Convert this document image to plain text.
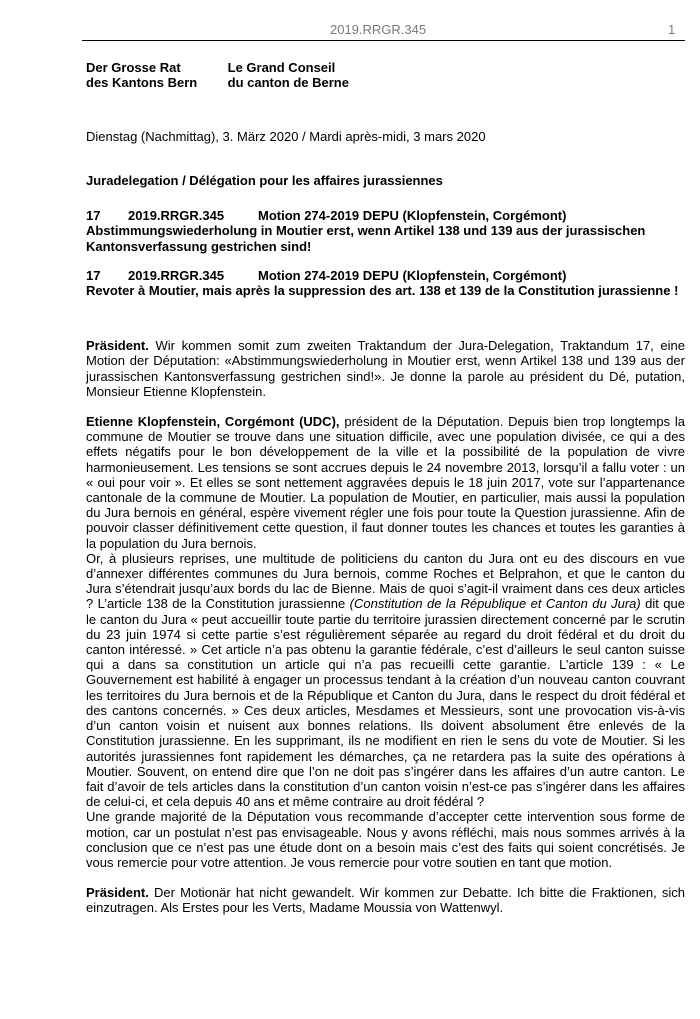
2019.RRGR.345	1
Der Grosse Rat
des Kantons Bern

Le Grand Conseil
du canton de Berne
Dienstag (Nachmittag), 3. März 2020 / Mardi après-midi, 3 mars 2020
Juradelegation / Délégation pour les affaires jurassiennes
17 2019.RRGR.345	Motion 274-2019 DEPU (Klopfenstein, Corgémont)
Abstimmungswiederholung in Moutier erst, wenn Artikel 138 und 139 aus der jurassischen Kantonsverfassung gestrichen sind!
17 2019.RRGR.345	Motion 274-2019 DEPU (Klopfenstein, Corgémont)
Revoter à Moutier, mais après la suppression des art. 138 et 139 de la Constitution jurassienne !

Präsident. Wir kommen somit zum zweiten Traktandum der Jura-Delegation, Traktandum 17, eine Motion der Députation: «Abstimmungswiederholung in Moutier erst, wenn Artikel 138 und 139 aus der jurassischen Kantonsverfassung gestrichen sind!». Je donne la parole au président du Dé, putation, Monsieur Etienne Klopfenstein.

Etienne Klopfenstein, Corgémont (UDC), président de la Députation. Depuis bien trop longtemps la commune de Moutier se trouve dans une situation difficile, avec une population divisée, ce qui a des effets négatifs pour le bon développement de la ville et la possibilité de la population de vivre harmonieusement. Les tensions se sont accrues depuis le 24 novembre 2013, lorsqu’il a fallu voter : un « oui pour voir ». Et elles se sont nettement aggravées depuis le 18 juin 2017, vote sur l’appartenance cantonale de la commune de Moutier. La population de Moutier, en particulier, mais aussi la population du Jura bernois en général, espère vivement régler une fois pour toute la Question jurassienne. Afin de pouvoir classer définitivement cette question, il faut donner toutes les chances et toutes les garanties à la population du Jura bernois.
Or, à plusieurs reprises, une multitude de politiciens du canton du Jura ont eu des discours en vue d’annexer différentes communes du Jura bernois, comme Roches et Belprahon, et que le canton du Jura s’étendrait jusqu’aux bords du lac de Bienne. Mais de quoi s’agit-il vraiment dans ces deux articles ? L’article 138 de la Constitution jurassienne (Constitution de la République et Canton du Jura) dit que le canton du Jura « peut accueillir toute partie du territoire jurassien directement concerné par le scrutin du 23 juin 1974 si cette partie s’est régulièrement séparée au regard du droit fédéral et du droit du canton intéressé. » Cet article n’a pas obtenu la garantie fédérale, c’est d’ailleurs le seul canton suisse qui a dans sa constitution un article qui n’a pas recueilli cette garantie. L’article 139 : « Le Gouvernement est habilité à engager un processus tendant à la création d’un nouveau canton couvrant les territoires du Jura bernois et de la République et Canton du Jura, dans le respect du droit fédéral et des cantons concernés. » Ces deux articles, Mesdames et Messieurs, sont une provocation vis-à-vis d’un canton voisin et nuisent aux bonnes relations. Ils doivent absolument être enlevés de la Constitution jurassienne. En les supprimant, ils ne modifient en rien le sens du vote de Moutier. Si les autorités jurassiennes font rapidement les démarches, ça ne retardera pas la suite des opérations à Moutier. Souvent, on entend dire que l’on ne doit pas s’ingérer dans les affaires d’un autre canton. Le fait d’avoir de tels articles dans la constitution d’un canton voisin n’est-ce pas s’ingérer dans les affaires de celui-ci, et cela depuis 40 ans et même contraire au droit fédéral ?
Une grande majorité de la Députation vous recommande d’accepter cette intervention sous forme de motion, car un postulat n’est pas envisageable. Nous y avons réfléchi, mais nous sommes arrivés à la conclusion que ce n’est pas une étude dont on a besoin mais c’est des faits qui soient concrétisés. Je vous remercie pour votre attention. Je vous remercie pour votre soutien en tant que motion.

Präsident. Der Motionär hat nicht gewandelt. Wir kommen zur Debatte. Ich bitte die Fraktionen, sich einzutragen. Als Erstes pour les Verts, Madame Moussia von Wattenwyl.
